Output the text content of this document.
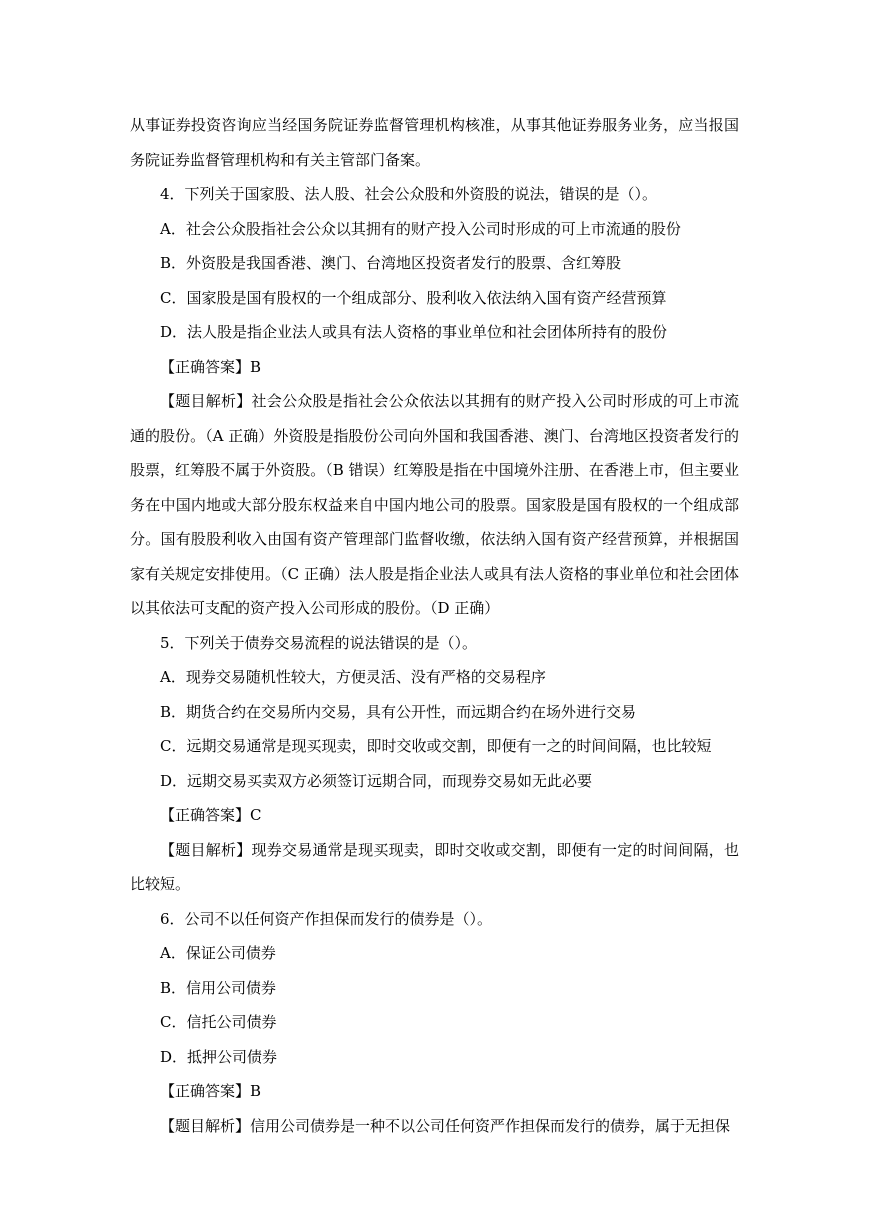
从事证券投资咨询应当经国务院证券监督管理机构核准，从事其他证券服务业务，应当报国务院证券监督管理机构和有关主管部门备案。

4．下列关于国家股、法人股、社会公众股和外资股的说法，错误的是（）。

A．社会公众股指社会公众以其拥有的财产投入公司时形成的可上市流通的股份

B．外资股是我国香港、澳门、台湾地区投资者发行的股票、含红筹股

C．国家股是国有股权的一个组成部分、股利收入依法纳入国有资产经营预算

D．法人股是指企业法人或具有法人资格的事业单位和社会团体所持有的股份

【正确答案】B

【题目解析】社会公众股是指社会公众依法以其拥有的财产投入公司时形成的可上市流通的股份。（A 正确）外资股是指股份公司向外国和我国香港、澳门、台湾地区投资者发行的股票，红筹股不属于外资股。（B 错误）红筹股是指在中国境外注册、在香港上市，但主要业务在中国内地或大部分股东权益来自中国内地公司的股票。国家股是国有股权的一个组成部分。国有股股利收入由国有资产管理部门监督收缴，依法纳入国有资产经营预算，并根据国家有关规定安排使用。（C 正确）法人股是指企业法人或具有法人资格的事业单位和社会团体以其依法可支配的资产投入公司形成的股份。（D 正确）

5．下列关于债券交易流程的说法错误的是（）。

A．现券交易随机性较大，方便灵活、没有严格的交易程序

B．期货合约在交易所内交易，具有公开性，而远期合约在场外进行交易

C．远期交易通常是现买现卖，即时交收或交割，即便有一之的时间间隔，也比较短

D．远期交易买卖双方必须签订远期合同，而现券交易如无此必要

【正确答案】C

【题目解析】现券交易通常是现买现卖，即时交收或交割，即便有一定的时间间隔，也比较短。

6．公司不以任何资产作担保而发行的债券是（）。

A．保证公司债券

B．信用公司债券

C．信托公司债券

D．抵押公司债券

【正确答案】B

【题目解析】信用公司债券是一种不以公司任何资严作担保而发行的债券，属于无担保
